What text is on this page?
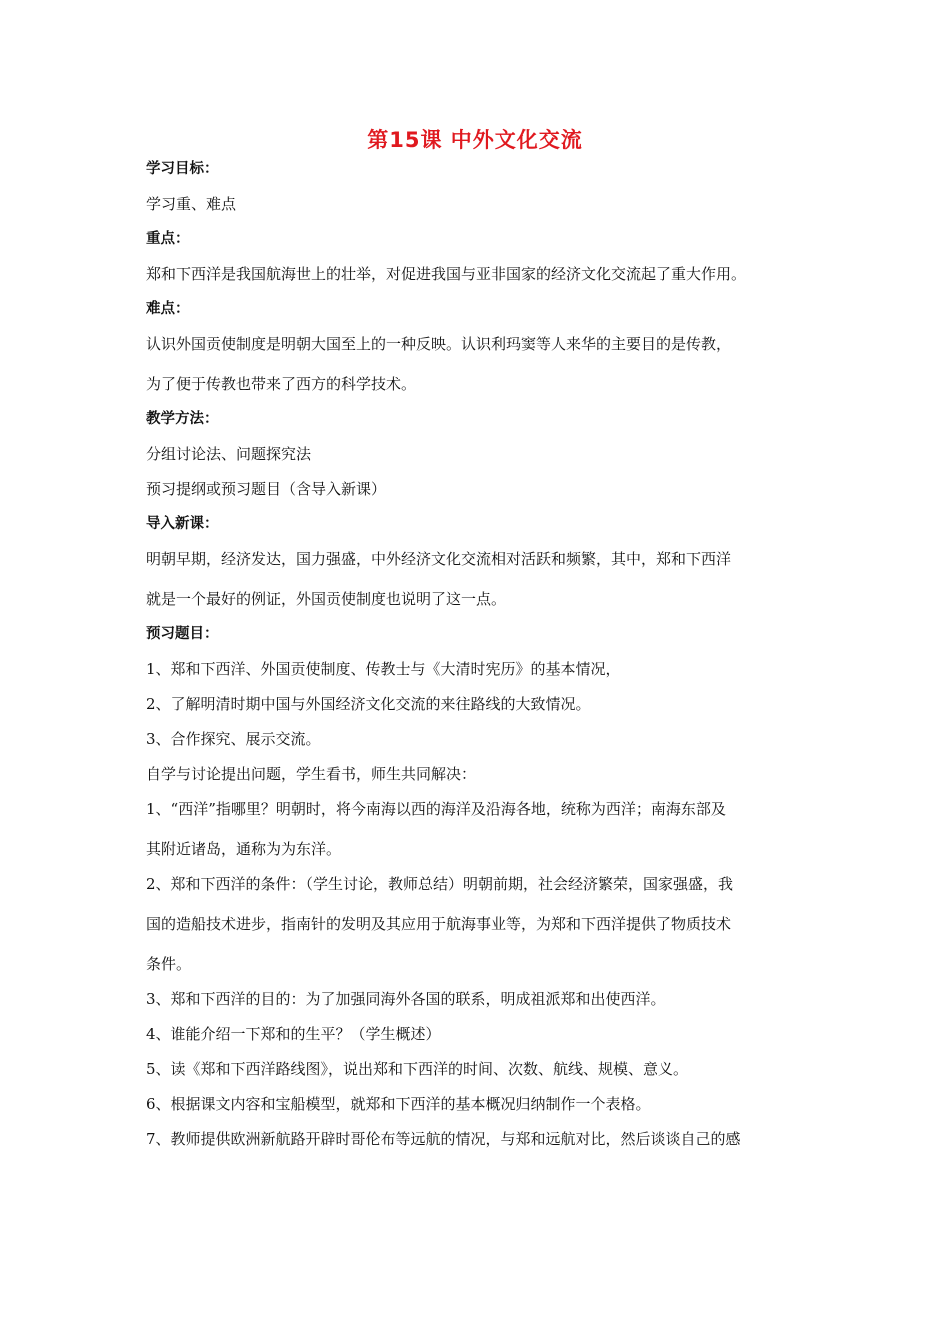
第15课 中外文化交流

学习目标：

学习重、难点

重点：

郑和下西洋是我国航海世上的壮举，对促进我国与亚非国家的经济文化交流起了重大作用。

难点：

认识外国贡使制度是明朝大国至上的一种反映。认识利玛窦等人来华的主要目的是传教，

为了便于传教也带来了西方的科学技术。

教学方法：

分组讨论法、问题探究法

预习提纲或预习题目（含导入新课）

导入新课：

明朝早期，经济发达，国力强盛，中外经济文化交流相对活跃和频繁，其中，郑和下西洋

就是一个最好的例证，外国贡使制度也说明了这一点。

预习题目：

1、郑和下西洋、外国贡使制度、传教士与《大清时宪历》的基本情况，

2、了解明清时期中国与外国经济文化交流的来往路线的大致情况。

3、合作探究、展示交流。

自学与讨论提出问题，学生看书，师生共同解决：

1、“西洋”指哪里？明朝时，将今南海以西的海洋及沿海各地，统称为西洋；南海东部及

其附近诸岛，通称为为东洋。

2、郑和下西洋的条件：（学生讨论，教师总结）明朝前期，社会经济繁荣，国家强盛，我

国的造船技术进步，指南针的发明及其应用于航海事业等，为郑和下西洋提供了物质技术

条件。

3、郑和下西洋的目的：为了加强同海外各国的联系，明成祖派郑和出使西洋。

4、谁能介绍一下郑和的生平？（学生概述）

5、读《郑和下西洋路线图》，说出郑和下西洋的时间、次数、航线、规模、意义。

6、根据课文内容和宝船模型，就郑和下西洋的基本概况归纳制作一个表格。

7、教师提供欧洲新航路开辟时哥伦布等远航的情况，与郑和远航对比，然后谈谈自己的感
